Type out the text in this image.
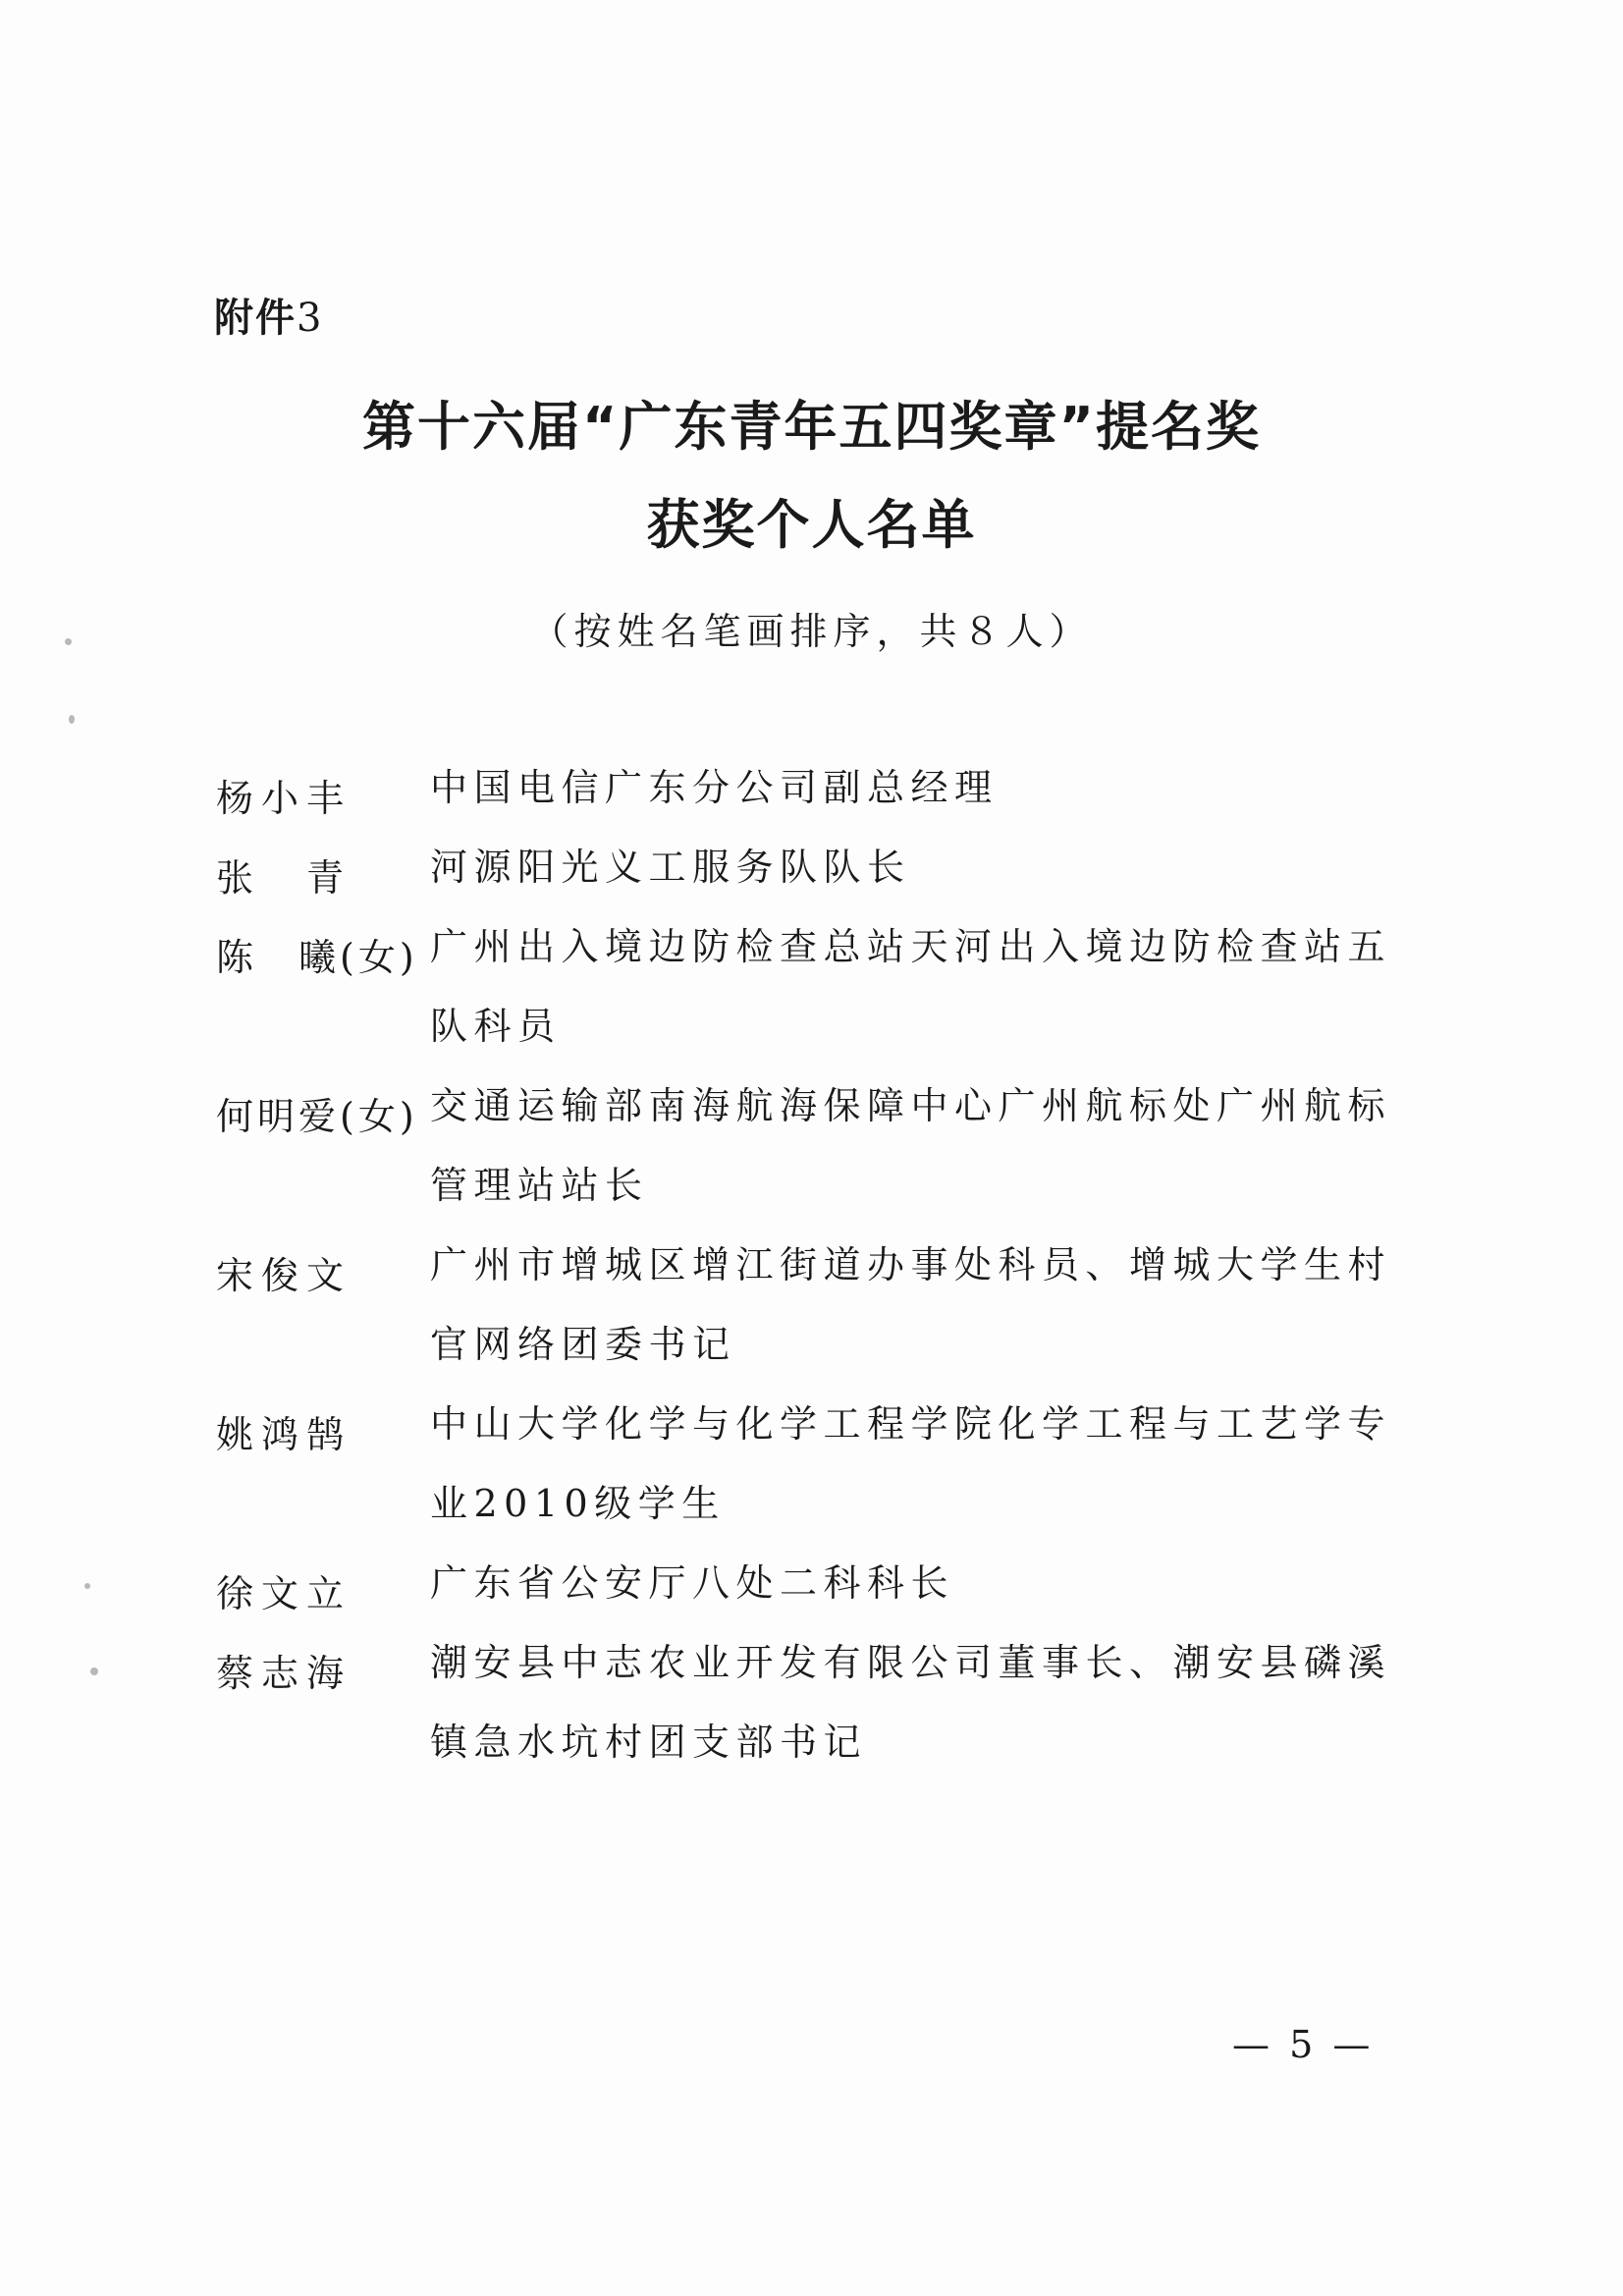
附件3
第十六届“广东青年五四奖章”提名奖
获奖个人名单
（按姓名笔画排序，共８人）
杨小丰 中国电信广东分公司副总经理
张　青 河源阳光义工服务队队长
陈　曦(女) 广州出入境边防检查总站天河出入境边防检查站五队科员
何明爱(女) 交通运输部南海航海保障中心广州航标处广州航标管理站站长
宋俊文 广州市增城区增江街道办事处科员、增城大学生村官网络团委书记
姚鸿鹄 中山大学化学与化学工程学院化学工程与工艺学专业2010级学生
徐文立 广东省公安厅八处二科科长
蔡志海 潮安县中志农业开发有限公司董事长、潮安县磷溪镇急水坑村团支部书记
— 5 —
